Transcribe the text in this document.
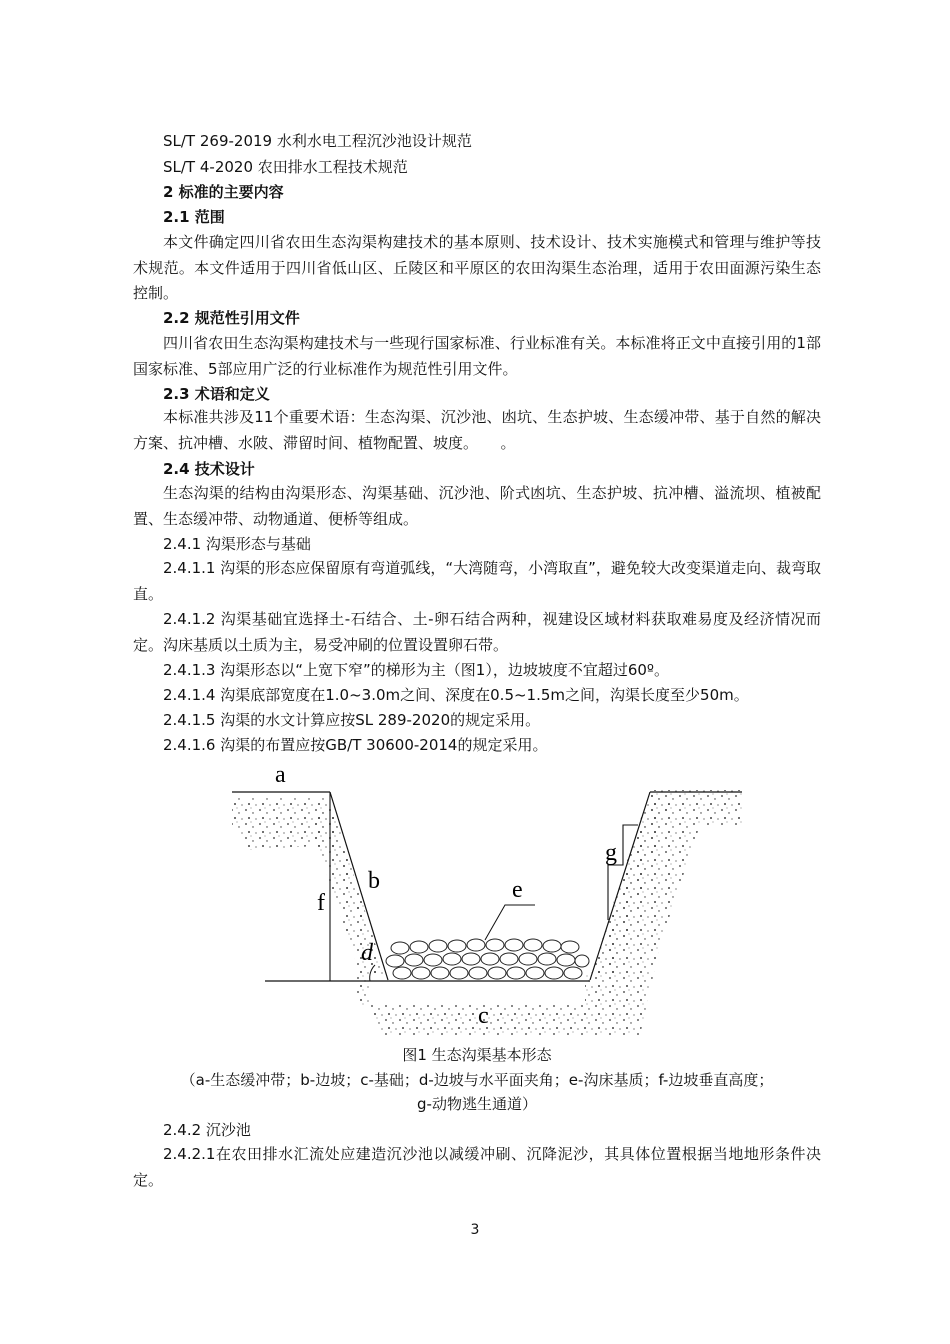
SL/T 269-2019 水利水电工程沉沙池设计规范
SL/T 4-2020 农田排水工程技术规范
2 标准的主要内容
2.1 范围
本文件确定四川省农田生态沟渠构建技术的基本原则、技术设计、技术实施模式和管理与维护等技术规范。本文件适用于四川省低山区、丘陵区和平原区的农田沟渠生态治理，适用于农田面源污染生态控制。
2.2 规范性引用文件
四川省农田生态沟渠构建技术与一些现行国家标准、行业标准有关。本标准将正文中直接引用的1部国家标准、5部应用广泛的行业标准作为规范性引用文件。
2.3 术语和定义
本标准共涉及11个重要术语：生态沟渠、沉沙池、凼坑、生态护坡、生态缓冲带、基于自然的解决方案、抗冲槽、水陂、滞留时间、植物配置、坡度。　　。
2.4 技术设计
生态沟渠的结构由沟渠形态、沟渠基础、沉沙池、阶式凼坑、生态护坡、抗冲槽、溢流坝、植被配置、生态缓冲带、动物通道、便桥等组成。
2.4.1 沟渠形态与基础
2.4.1.1 沟渠的形态应保留原有弯道弧线，“大湾随弯，小湾取直”，避免较大改变渠道走向、裁弯取直。
2.4.1.2 沟渠基础宜选择土-石结合、土-卵石结合两种，视建设区域材料获取难易度及经济情况而定。沟床基质以土质为主，易受冲刷的位置设置卵石带。
2.4.1.3 沟渠形态以“上宽下窄”的梯形为主（图1），边坡坡度不宜超过60º。
2.4.1.4 沟渠底部宽度在1.0~3.0m之间、深度在0.5~1.5m之间，沟渠长度至少50m。
2.4.1.5 沟渠的水文计算应按SL 289-2020的规定采用。
2.4.1.6 沟渠的布置应按GB/T 30600-2014的规定采用。
a
b
c
d
e
f
g
图1 生态沟渠基本形态
（a-生态缓冲带；b-边坡；c-基础；d-边坡与水平面夹角；e-沟床基质；f-边坡垂直高度；
g-动物逃生通道）
2.4.2 沉沙池
2.4.2.1在农田排水汇流处应建造沉沙池以减缓冲刷、沉降泥沙，其具体位置根据当地地形条件决定。
3
